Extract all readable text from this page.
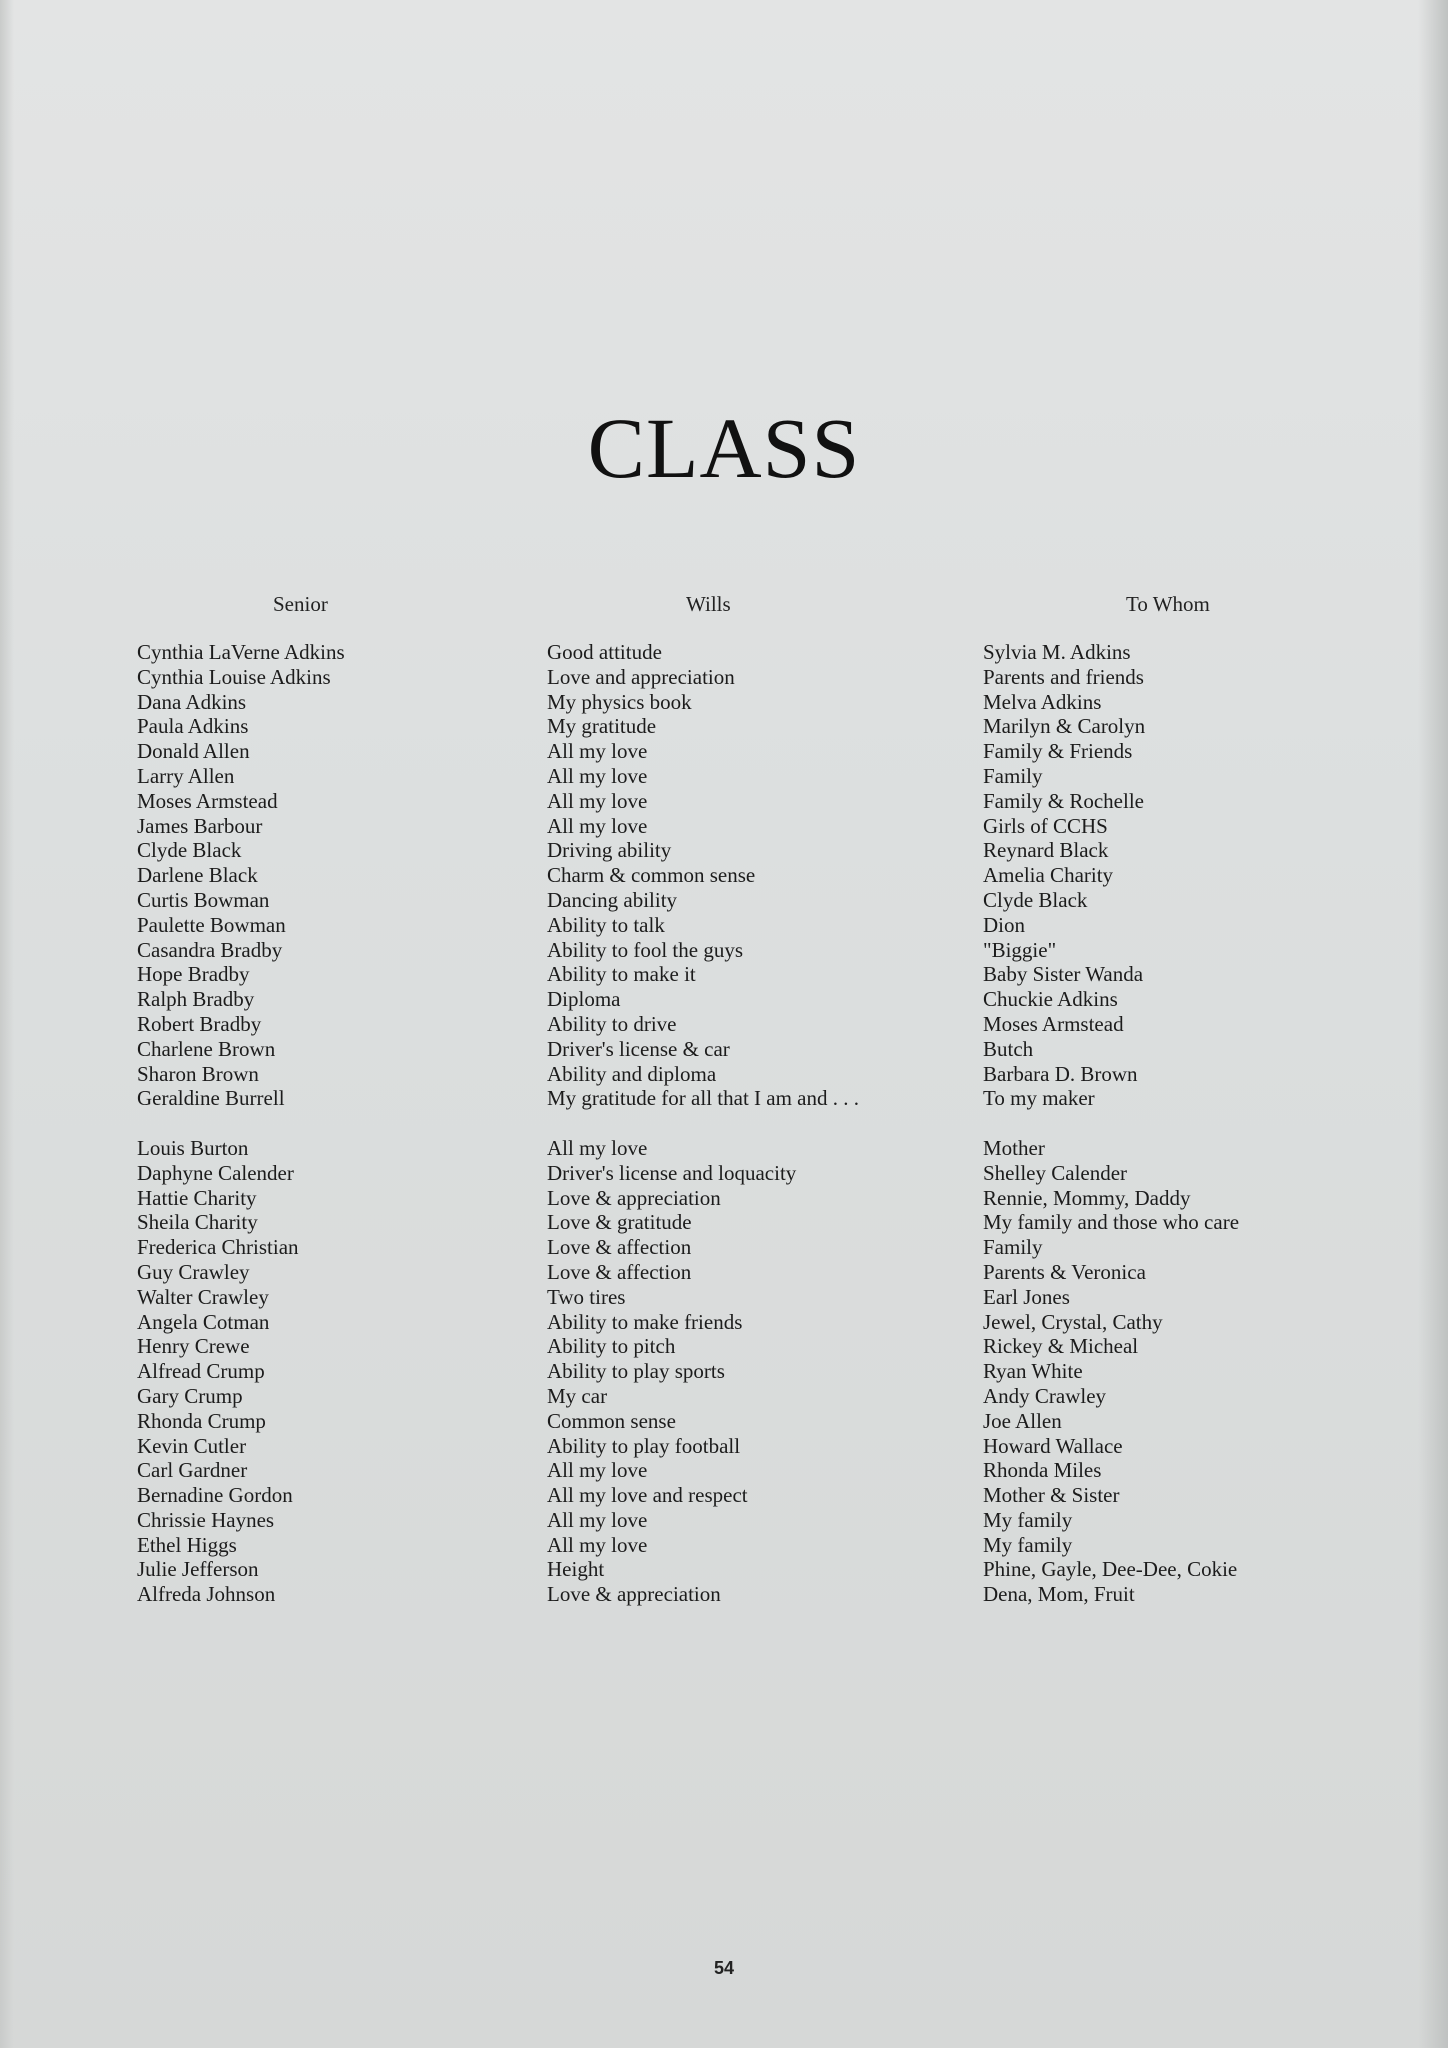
CLASS
Senior	Wills	To Whom
Cynthia LaVerne Adkins
Cynthia Louise Adkins
Dana Adkins
Paula Adkins
Donald Allen
Larry Allen
Moses Armstead
James Barbour
Clyde Black
Darlene Black
Curtis Bowman
Paulette Bowman
Casandra Bradby
Hope Bradby
Ralph Bradby
Robert Bradby
Charlene Brown
Sharon Brown
Geraldine Burrell
Louis Burton
Daphyne Calender
Hattie Charity
Sheila Charity
Frederica Christian
Guy Crawley
Walter Crawley
Angela Cotman
Henry Crewe
Alfread Crump
Gary Crump
Rhonda Crump
Kevin Cutler
Carl Gardner
Bernadine Gordon
Chrissie Haynes
Ethel Higgs
Julie Jefferson
Alfreda Johnson
Good attitude
Love and appreciation
My physics book
My gratitude
All my love
All my love
All my love
All my love
Driving ability
Charm & common sense
Dancing ability
Ability to talk
Ability to fool the guys
Ability to make it
Diploma
Ability to drive
Driver's license & car
Ability and diploma
My gratitude for all that I am and . . .
All my love
Driver's license and loquacity
Love & appreciation
Love & gratitude
Love & affection
Love & affection
Two tires
Ability to make friends
Ability to pitch
Ability to play sports
My car
Common sense
Ability to play football
All my love
All my love and respect
All my love
All my love
Height
Love & appreciation
Sylvia M. Adkins
Parents and friends
Melva Adkins
Marilyn & Carolyn
Family & Friends
Family
Family & Rochelle
Girls of CCHS
Reynard Black
Amelia Charity
Clyde Black
Dion
"Biggie"
Baby Sister Wanda
Chuckie Adkins
Moses Armstead
Butch
Barbara D. Brown
To my maker
Mother
Shelley Calender
Rennie, Mommy, Daddy
My family and those who care
Family
Parents & Veronica
Earl Jones
Jewel, Crystal, Cathy
Rickey & Micheal
Ryan White
Andy Crawley
Joe Allen
Howard Wallace
Rhonda Miles
Mother & Sister
My family
My family
Phine, Gayle, Dee-Dee, Cokie
Dena, Mom, Fruit
54
